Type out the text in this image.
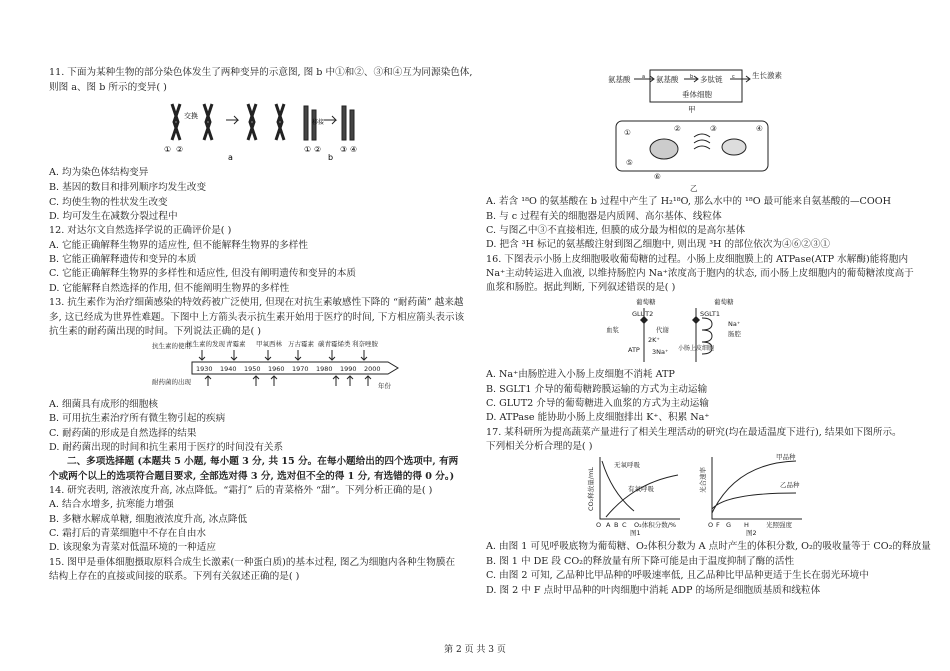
11. 下面为某种生物的部分染色体发生了两种变异的示意图, 图 b 中①和②、③和④互为同源染色体,
则图 a、图 b 所示的变异( )
交换
移接
① ②	① ② ③ ④
a	b
A. 均为染色体结构变异
B. 基因的数目和排列顺序均发生改变
C. 均使生物的性状发生改变
D. 均可发生在减数分裂过程中
12. 对达尔文自然选择学说的正确评价是( )
A. 它能正确解释生物界的适应性, 但不能解释生物界的多样性
B. 它能正确解释遗传和变异的本质
C. 它能正确解释生物界的多样性和适应性, 但没有阐明遗传和变异的本质
D. 它能解释自然选择的作用, 但不能阐明生物界的多样性
13. 抗生素作为治疗细菌感染的特效药被广泛使用, 但现在对抗生素敏感性下降的 “耐药菌” 越来越
多, 这已经成为世界性难题。下图中上方箭头表示抗生素开始用于医疗的时间, 下方相应箭头表示该
抗生素的耐药菌出现的时间。下列说法正确的是( )
抗生素的使用
耐药菌的出现
抗生素的发现 青霉素 甲氧西林 万古霉素 碳青霉烯类 利奈唑胺
1930 1940 1950 1960 1970 1980 1990 2000
年份
A. 细菌具有成形的细胞核
B. 可用抗生素治疗所有微生物引起的疾病
C. 耐药菌的形成是自然选择的结果
D. 耐药菌出现的时间和抗生素用于医疗的时间没有关系
二、多项选择题 (本题共 5 小题, 每小题 3 分, 共 15 分。在每小题给出的四个选项中, 有两
个或两个以上的选项符合题目要求, 全部选对得 3 分, 选对但不全的得 1 分, 有选错的得 0 分。)
14. 研究表明, 溶液浓度升高, 冰点降低。“霜打” 后的青菜格外 “甜”。下列分析正确的是( )
A. 结合水增多, 抗寒能力增强
B. 多糖水解成单糖, 细胞液浓度升高, 冰点降低
C. 霜打后的青菜细胞中不存在自由水
D. 该现象为青菜对低温环境的一种适应
15. 图甲是垂体细胞摄取原料合成生长激素(一种蛋白质)的基本过程, 图乙为细胞内各种生物膜在
结构上存在的直接或间接的联系。下列有关叙述正确的是( )
氨基酸 a 氨基酸 b 多肽链 c 生长激素
垂体细胞
甲
①	②	③	④
⑤
⑥
乙
A. 若含 ¹⁸O 的氨基酸在 b 过程中产生了 H₂¹⁸O, 那么水中的 ¹⁸O 最可能来自氨基酸的—COOH
B. 与 c 过程有关的细胞器是内质网、高尔基体、线粒体
C. 与图乙中③不直接相连, 但膜的成分最为相似的是高尔基体
D. 把含 ³H 标记的氨基酸注射到图乙细胞中, 则出现 ³H 的部位依次为④⑥②③①
16. 下图表示小肠上皮细胞吸收葡萄糖的过程。小肠上皮细胞膜上的 ATPase(ATP 水解酶)能将胞内
Na⁺主动转运进入血液, 以维持肠腔内 Na⁺浓度高于胞内的状态, 而小肠上皮细胞内的葡萄糖浓度高于
血浆和肠腔。据此判断, 下列叙述错误的是( )
葡萄糖	葡萄糖
GLUT2	SGLT1
Na⁺
肠腔
血浆	代谢
2K⁺
ATP 3Na⁺ 小肠上皮细胞
A. Na⁺由肠腔进入小肠上皮细胞不消耗 ATP
B. SGLT1 介导的葡萄糖跨膜运输的方式为主动运输
C. GLUT2 介导的葡萄糖进入血浆的方式为主动运输
D. ATPase 能协助小肠上皮细胞排出 K⁺、积累 Na⁺
17. 某科研所为提高蔬菜产量进行了相关生理活动的研究(均在最适温度下进行), 结果如下图所示。
下列相关分析合理的是( )
CO₂释放量/mL
无氧呼吸
有氧呼吸
O A B C O₂体积分数/%
图1
光合速率
甲品种
乙品种
O F G H	光照强度
图2
A. 由图 1 可见呼吸底物为葡萄糖、O₂体积分数为 A 点时产生的体积分数, O₂的吸收量等于 CO₂的释放量
B. 图 1 中 DE 段 CO₂的释放量有所下降可能是由于温度抑制了酶的活性
C. 由图 2 可知, 乙品种比甲品种的呼吸速率低, 且乙品种比甲品种更适于生长在弱光环境中
D. 图 2 中 F 点时甲品种的叶肉细胞中消耗 ADP 的场所是细胞质基质和线粒体
第 2 页 共 3 页
